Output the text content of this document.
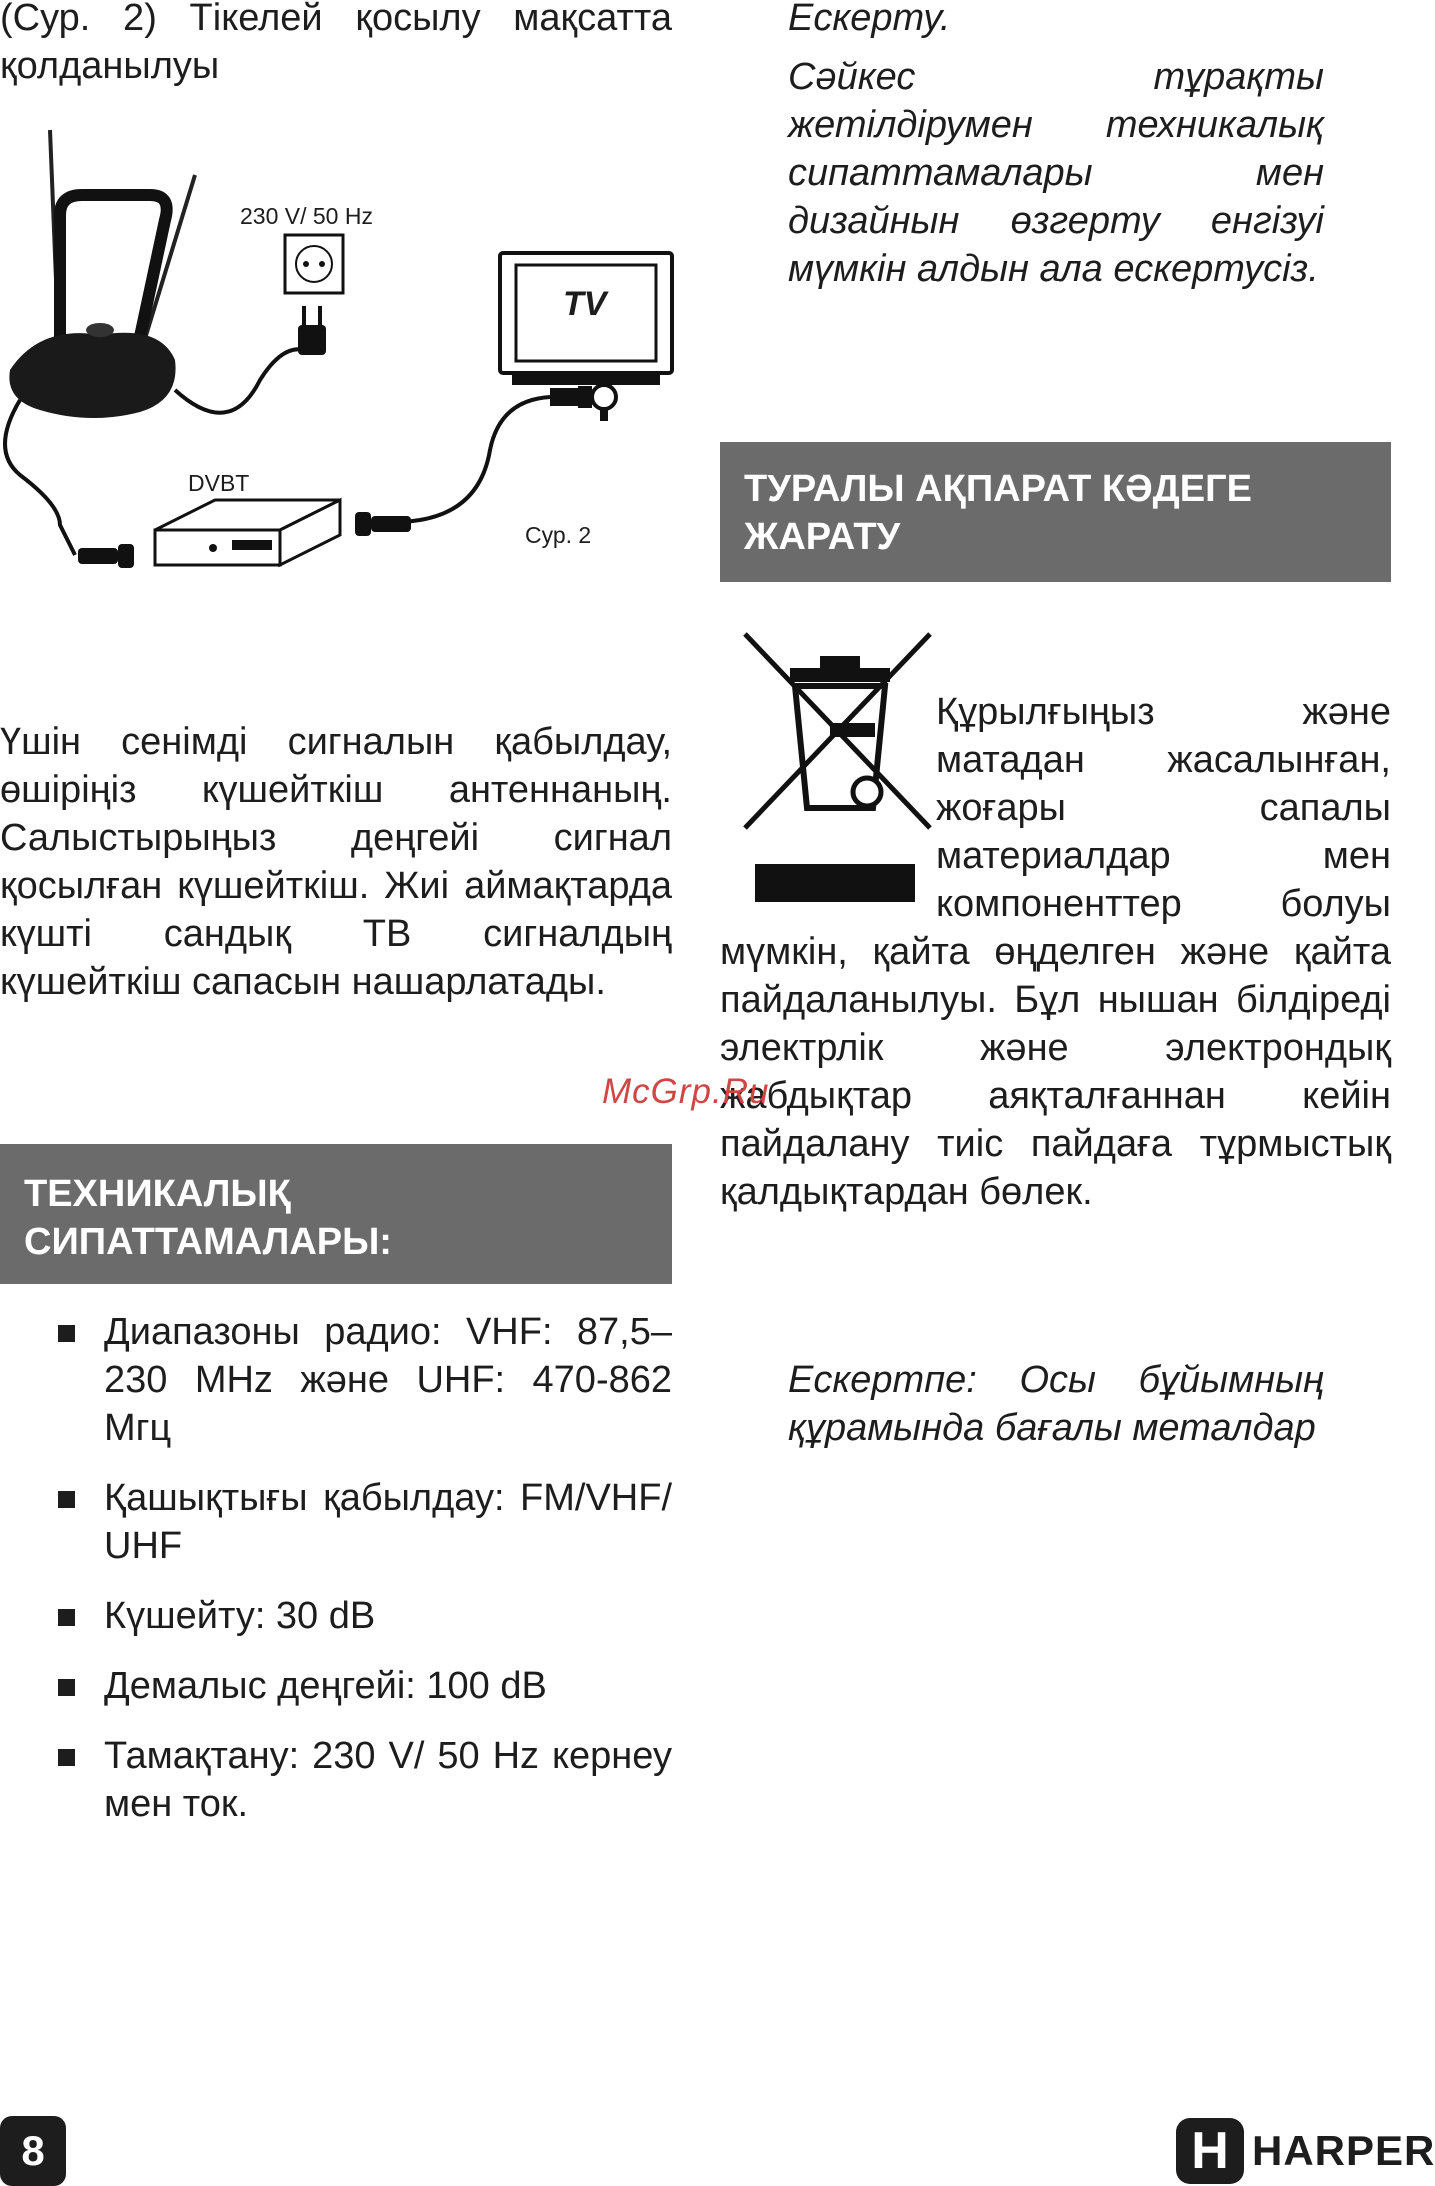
(Сур. 2) Тікелей қосылу мақсатта қолданылуы
230 V/ 50 Hz
TV
DVBT
Сур. 2
Үшін сенімді сигналын қабылдау, өшіріңіз күшейткіш антеннаның. Салыстырыңыз деңгейі сигнал қосылған күшейткіш. Жиі аймақтарда күшті сандық ТВ сигналдың күшейткіш сапасын нашарлатады.
ТЕХНИКАЛЫҚ
СИПАТТАМАЛАРЫ:
Диапазоны радио: VHF: 87,5–230 MHz және UHF: 470-862 Мгц
Қашықтығы қабылдау: FM/VHF/ UHF
Күшейту: 30 dB
Демалыс деңгейі: 100 dB
Тамақтану: 230 V/ 50 Hz кернеу мен ток.
Ескерту.
Сәйкес тұрақты жетілдірумен техникалық сипаттамалары мен дизайнын өзгерту енгізуі мүмкін алдын ала ескертусіз.
ТУРАЛЫ АҚПАРАТ КӘДЕГЕ
ЖАРАТУ
Құрылғыңыз және матадан жасалынған, жоғары сапалы материалдар мен компоненттер болуы мүмкін, қайта өңделген және қайта пайдаланылуы. Бұл нышан білдіреді электрлік және электрондық жабдықтар аяқталғаннан кейін пайдалану тиіс пайдаға тұрмыстық қалдықтардан бөлек.
Ескертпе: Осы бұйымның құрамында бағалы металдар
McGrp.Ru
8	H HARPER
